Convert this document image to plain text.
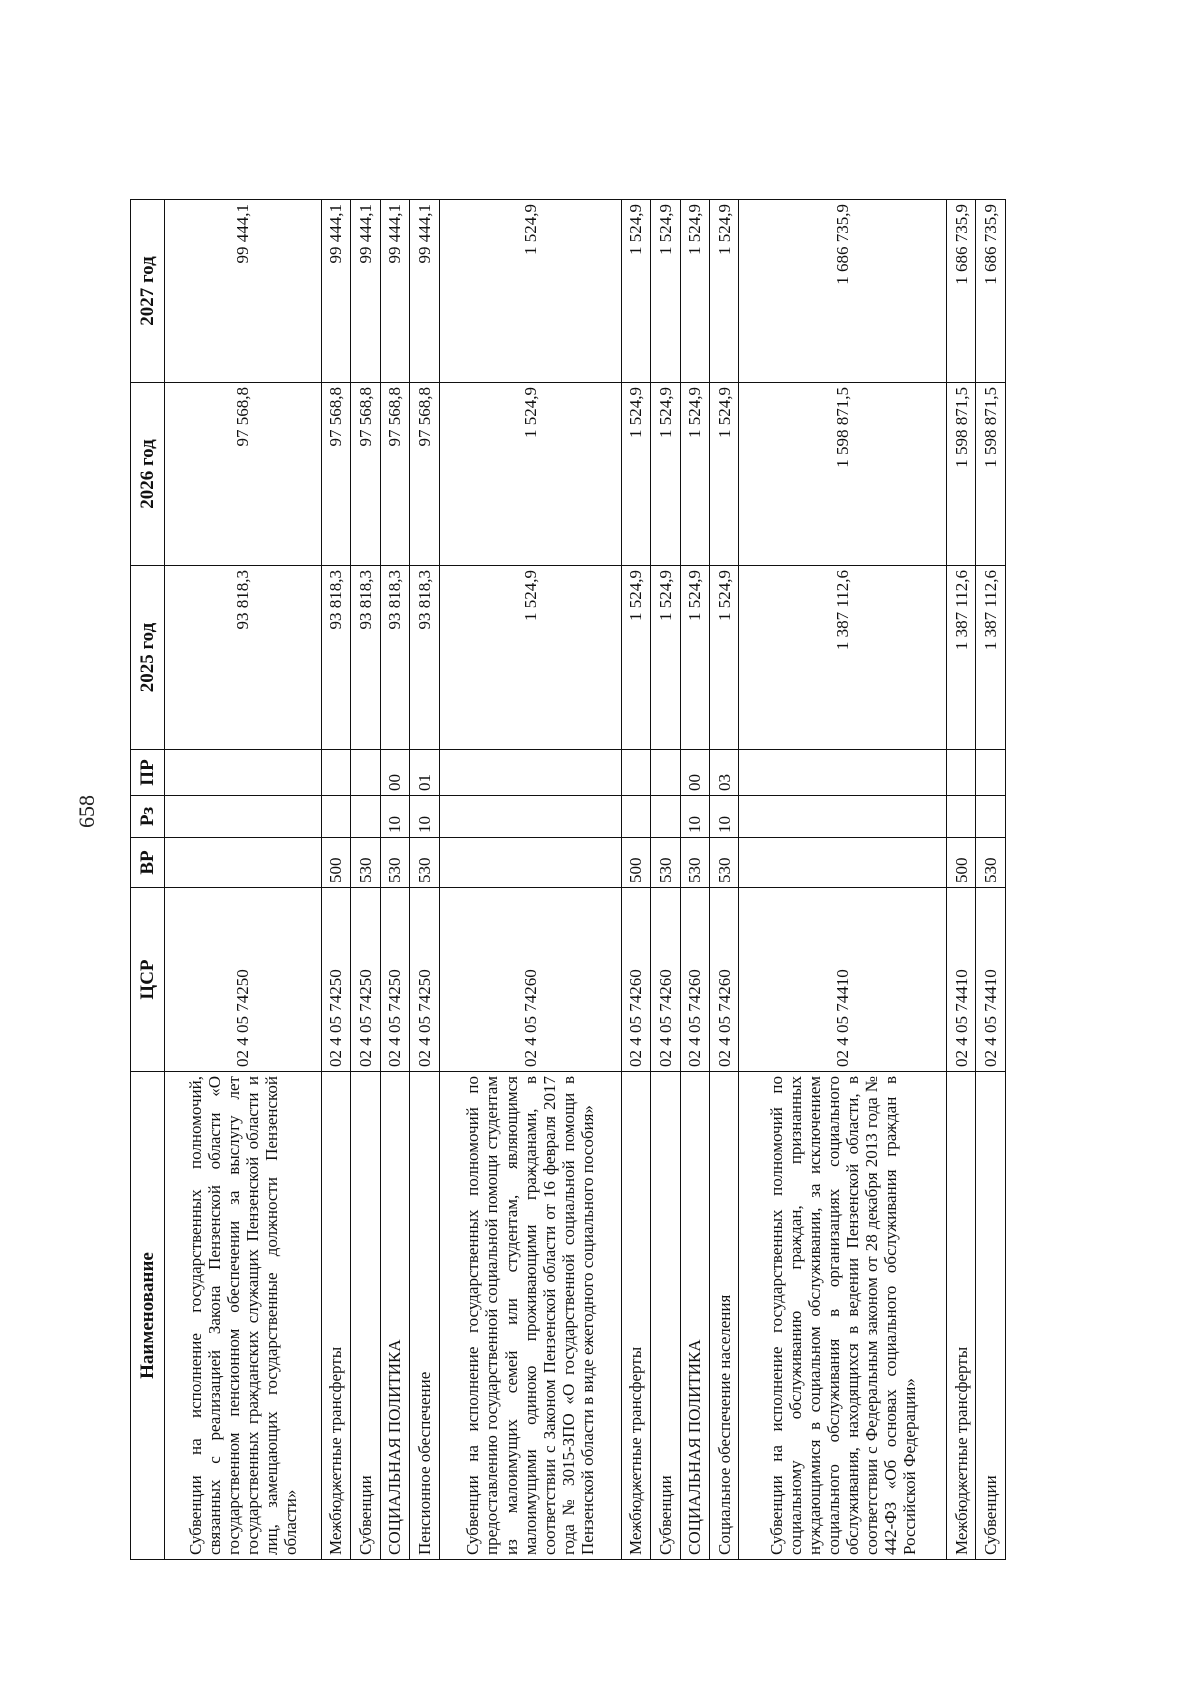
658
Наименование	ЦСР	ВР	Рз	ПР	2025 год	2026 год	2027 год
Субвенции на исполнение государственных полномочий, связанных с реализацией Закона Пензенской области «О государственном пенсионном обеспечении за выслугу лет государственных гражданских служащих Пензенской области и лиц, замещающих государственные должности Пензенской области»	02 4 05 74250				93 818,3	97 568,8	99 444,1
Межбюджетные трансферты	02 4 05 74250	500			93 818,3	97 568,8	99 444,1
Субвенции	02 4 05 74250	530			93 818,3	97 568,8	99 444,1
СОЦИАЛЬНАЯ ПОЛИТИКА	02 4 05 74250	530	10	00	93 818,3	97 568,8	99 444,1
Пенсионное обеспечение	02 4 05 74250	530	10	01	93 818,3	97 568,8	99 444,1
Субвенции на исполнение государственных полномочий по предоставлению государственной социальной помощи студентам из малоимущих семей или студентам, являющимся малоимущими одиноко проживающими гражданами, в соответствии с Законом Пензенской области от 16 февраля 2017 года № 3015-ЗПО «О государственной социальной помощи в Пензенской области в виде ежегодного социального пособия»	02 4 05 74260				1 524,9	1 524,9	1 524,9
Межбюджетные трансферты	02 4 05 74260	500			1 524,9	1 524,9	1 524,9
Субвенции	02 4 05 74260	530			1 524,9	1 524,9	1 524,9
СОЦИАЛЬНАЯ ПОЛИТИКА	02 4 05 74260	530	10	00	1 524,9	1 524,9	1 524,9
Социальное обеспечение населения	02 4 05 74260	530	10	03	1 524,9	1 524,9	1 524,9
Субвенции на исполнение государственных полномочий по социальному обслуживанию граждан, признанных нуждающимися в социальном обслуживании, за исключением социального обслуживания в организациях социального обслуживания, находящихся в ведении Пензенской области, в соответствии с Федеральным законом от 28 декабря 2013 года № 442-ФЗ «Об основах социального обслуживания граждан в Российской Федерации»	02 4 05 74410				1 387 112,6	1 598 871,5	1 686 735,9
Межбюджетные трансферты	02 4 05 74410	500			1 387 112,6	1 598 871,5	1 686 735,9
Субвенции	02 4 05 74410	530			1 387 112,6	1 598 871,5	1 686 735,9
